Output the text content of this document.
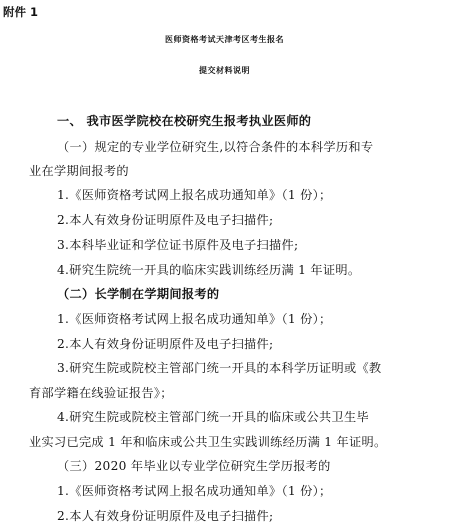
附件 1
医师资格考试天津考区考生报名
提交材料说明
一、 我市医学院校在校研究生报考执业医师的
（一）规定的专业学位研究生,以符合条件的本科学历和专
业在学期间报考的
1.《医师资格考试网上报名成功通知单》（1 份）；
2.本人有效身份证明原件及电子扫描件;
3.本科毕业证和学位证书原件及电子扫描件;
4.研究生院统一开具的临床实践训练经历满 1 年证明。
（二）长学制在学期间报考的
1.《医师资格考试网上报名成功通知单》（1 份）；
2.本人有效身份证明原件及电子扫描件;
3.研究生院或院校主管部门统一开具的本科学历证明或《教
育部学籍在线验证报告》；
4.研究生院或院校主管部门统一开具的临床或公共卫生毕
业实习已完成 1 年和临床或公共卫生实践训练经历满 1 年证明。
（三）2020 年毕业以专业学位研究生学历报考的
1.《医师资格考试网上报名成功通知单》（1 份）；
2.本人有效身份证明原件及电子扫描件;
